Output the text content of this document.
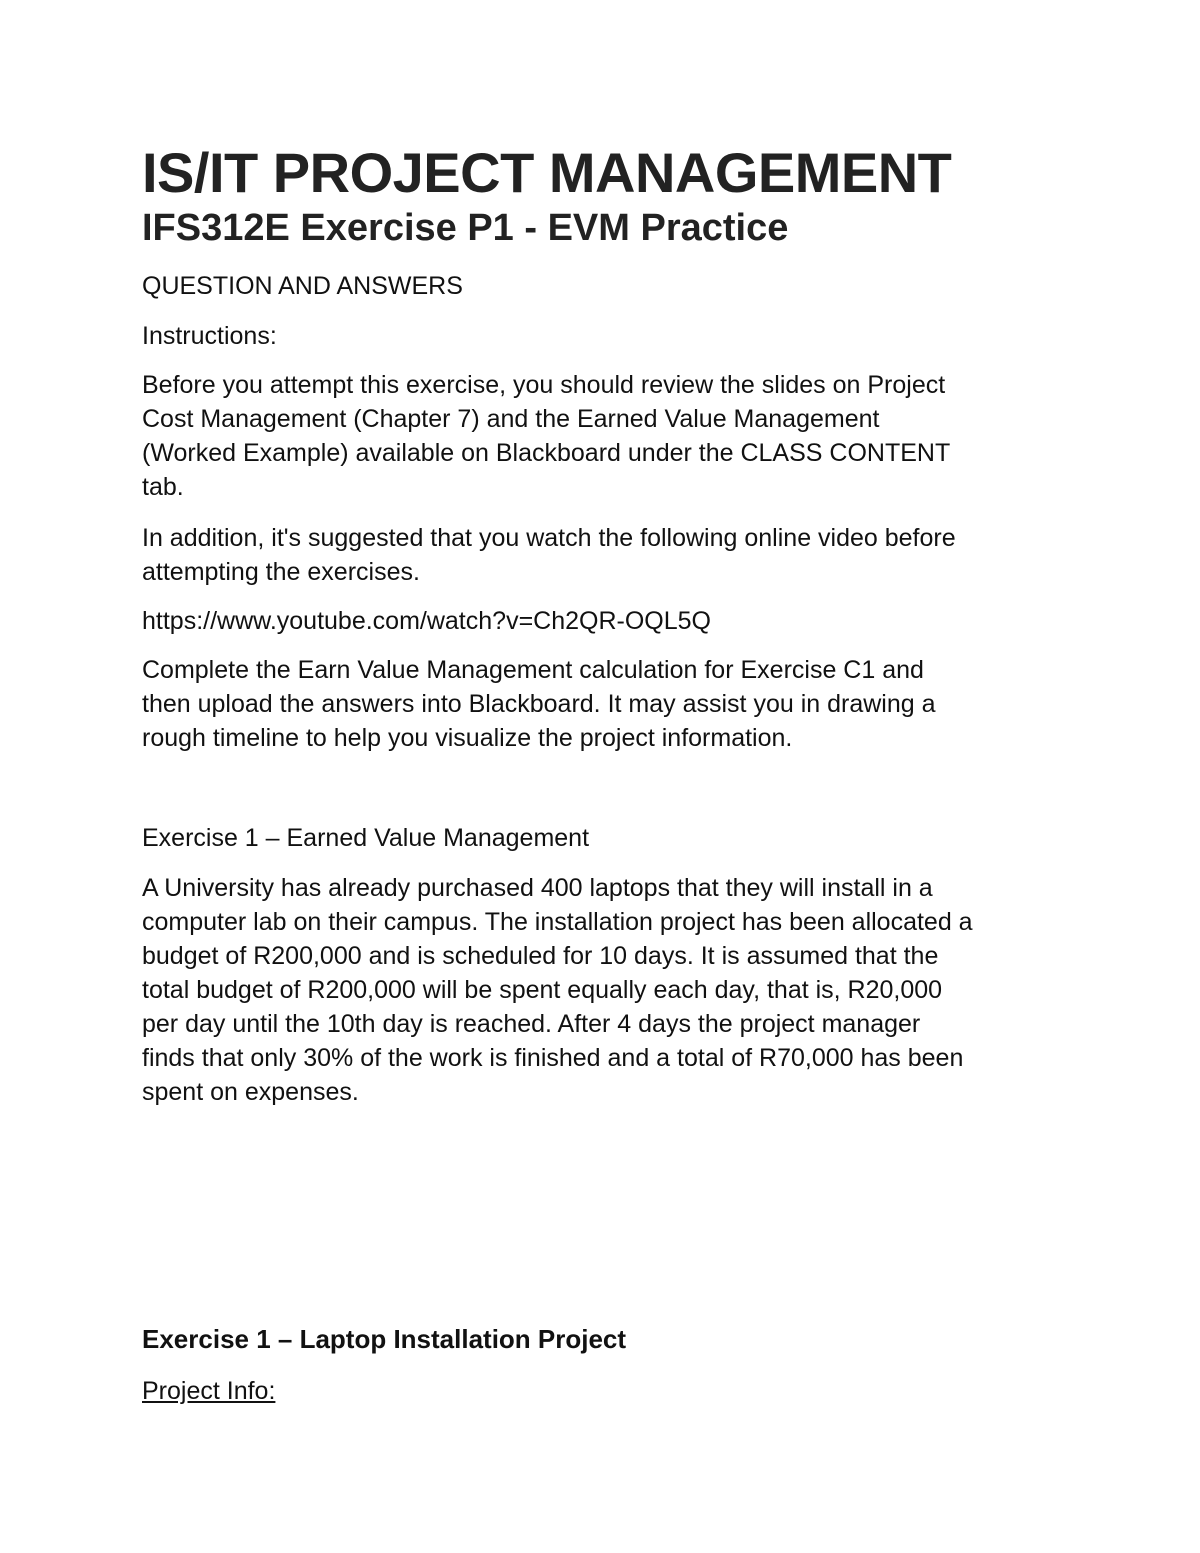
IS/IT PROJECT MANAGEMENT
IFS312E Exercise P1 - EVM Practice
QUESTION AND ANSWERS
Instructions:
Before you attempt this exercise, you should review the slides on Project
Cost Management (Chapter 7) and the Earned Value Management
(Worked Example) available on Blackboard under the CLASS CONTENT
tab.
In addition, it's suggested that you watch the following online video before
attempting the exercises.
https://www.youtube.com/watch?v=Ch2QR-OQL5Q
Complete the Earn Value Management calculation for Exercise C1 and
then upload the answers into Blackboard. It may assist you in drawing a
rough timeline to help you visualize the project information.
Exercise 1 – Earned Value Management
A University has already purchased 400 laptops that they will install in a
computer lab on their campus. The installation project has been allocated a
budget of R200,000 and is scheduled for 10 days. It is assumed that the
total budget of R200,000 will be spent equally each day, that is, R20,000
per day until the 10th day is reached. After 4 days the project manager
finds that only 30% of the work is finished and a total of R70,000 has been
spent on expenses.
Exercise 1 – Laptop Installation Project
Project Info:
